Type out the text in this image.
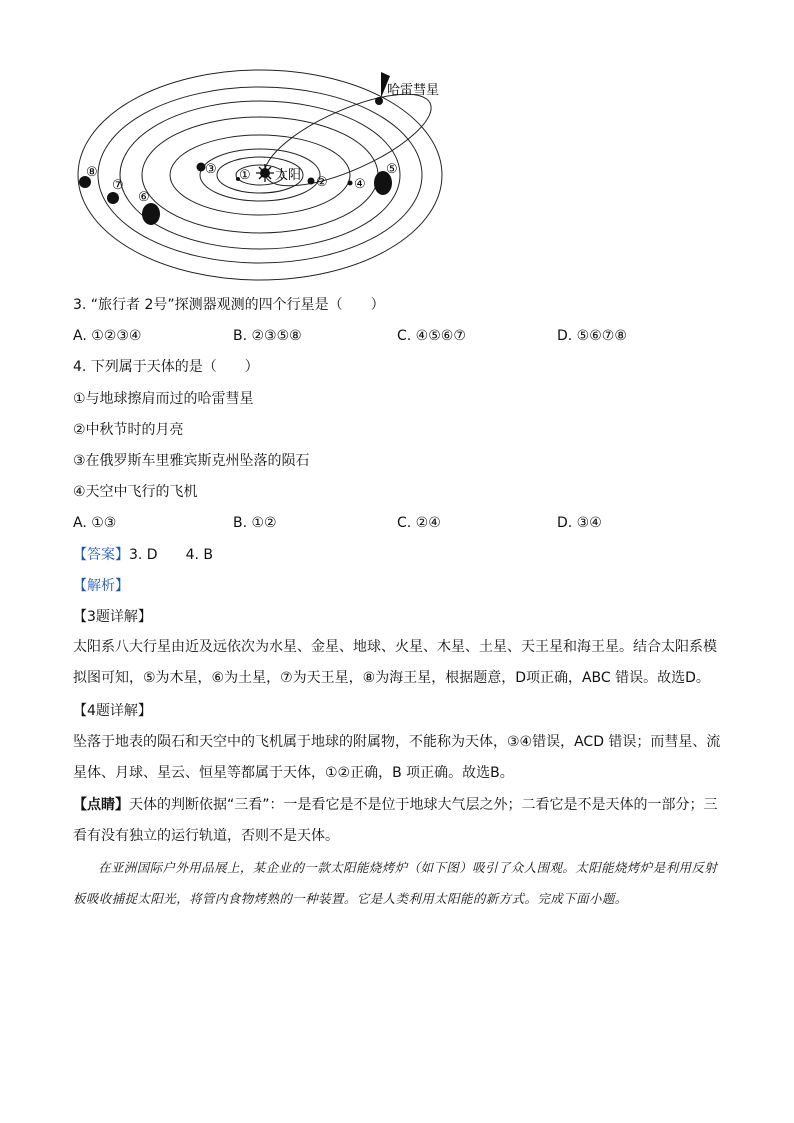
太阳
哈雷彗星
①	②
③
④
⑤
⑥
⑦
⑧
3. “旅行者 2号”探测器观测的四个行星是（　　）
A. ①②③④	B. ②③⑤⑧	C. ④⑤⑥⑦	D. ⑤⑥⑦⑧
4. 下列属于天体的是（　　）
①与地球擦肩而过的哈雷彗星
②中秋节时的月亮
③在俄罗斯车里雅宾斯克州坠落的陨石
④天空中飞行的飞机
A. ①③	B. ①②	C. ②④	D. ③④
【答案】3. D　　4. B
【解析】
【3题详解】
太阳系八大行星由近及远依次为水星、金星、地球、火星、木星、土星、天王星和海王星。结合太阳系模拟图可知，⑤为木星，⑥为土星，⑦为天王星，⑧为海王星，根据题意，D项正确，ABC 错误。故选D。
【4题详解】
坠落于地表的陨石和天空中的飞机属于地球的附属物，不能称为天体，③④错误，ACD 错误；而彗星、流星体、月球、星云、恒星等都属于天体，①②正确，B 项正确。故选B。
【点睛】天体的判断依据“三看”：一是看它是不是位于地球大气层之外；二看它是不是天体的一部分；三看有没有独立的运行轨道，否则不是天体。
在亚洲国际户外用品展上，某企业的一款太阳能烧烤炉（如下图）吸引了众人围观。太阳能烧烤炉是利用反射板吸收捕捉太阳光，将管内食物烤熟的一种装置。它是人类利用太阳能的新方式。完成下面小题。
